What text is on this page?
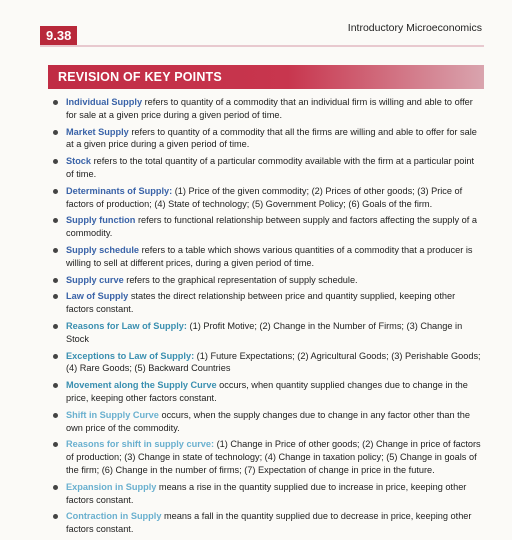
9.38	Introductory Microeconomics
REVISION OF KEY POINTS
Individual Supply refers to quantity of a commodity that an individual firm is willing and able to offer for sale at a given price during a given period of time.
Market Supply refers to quantity of a commodity that all the firms are willing and able to offer for sale at a given price during a given period of time.
Stock refers to the total quantity of a particular commodity available with the firm at a particular point of time.
Determinants of Supply: (1) Price of the given commodity; (2) Prices of other goods; (3) Price of factors of production; (4) State of technology; (5) Government Policy; (6) Goals of the firm.
Supply function refers to functional relationship between supply and factors affecting the supply of a commodity.
Supply schedule refers to a table which shows various quantities of a commodity that a producer is willing to sell at different prices, during a given period of time.
Supply curve refers to the graphical representation of supply schedule.
Law of Supply states the direct relationship between price and quantity supplied, keeping other factors constant.
Reasons for Law of Supply: (1) Profit Motive; (2) Change in the Number of Firms; (3) Change in Stock
Exceptions to Law of Supply: (1) Future Expectations; (2) Agricultural Goods; (3) Perishable Goods; (4) Rare Goods; (5) Backward Countries
Movement along the Supply Curve occurs, when quantity supplied changes due to change in the price, keeping other factors constant.
Shift in Supply Curve occurs, when the supply changes due to change in any factor other than the own price of the commodity.
Reasons for shift in supply curve: (1) Change in Price of other goods; (2) Change in price of factors of production; (3) Change in state of technology; (4) Change in taxation policy; (5) Change in goals of the firm; (6) Change in the number of firms; (7) Expectation of change in price in the future.
Expansion in Supply means a rise in the quantity supplied due to increase in price, keeping other factors constant.
Contraction in Supply means a fall in the quantity supplied due to decrease in price, keeping other factors constant.
